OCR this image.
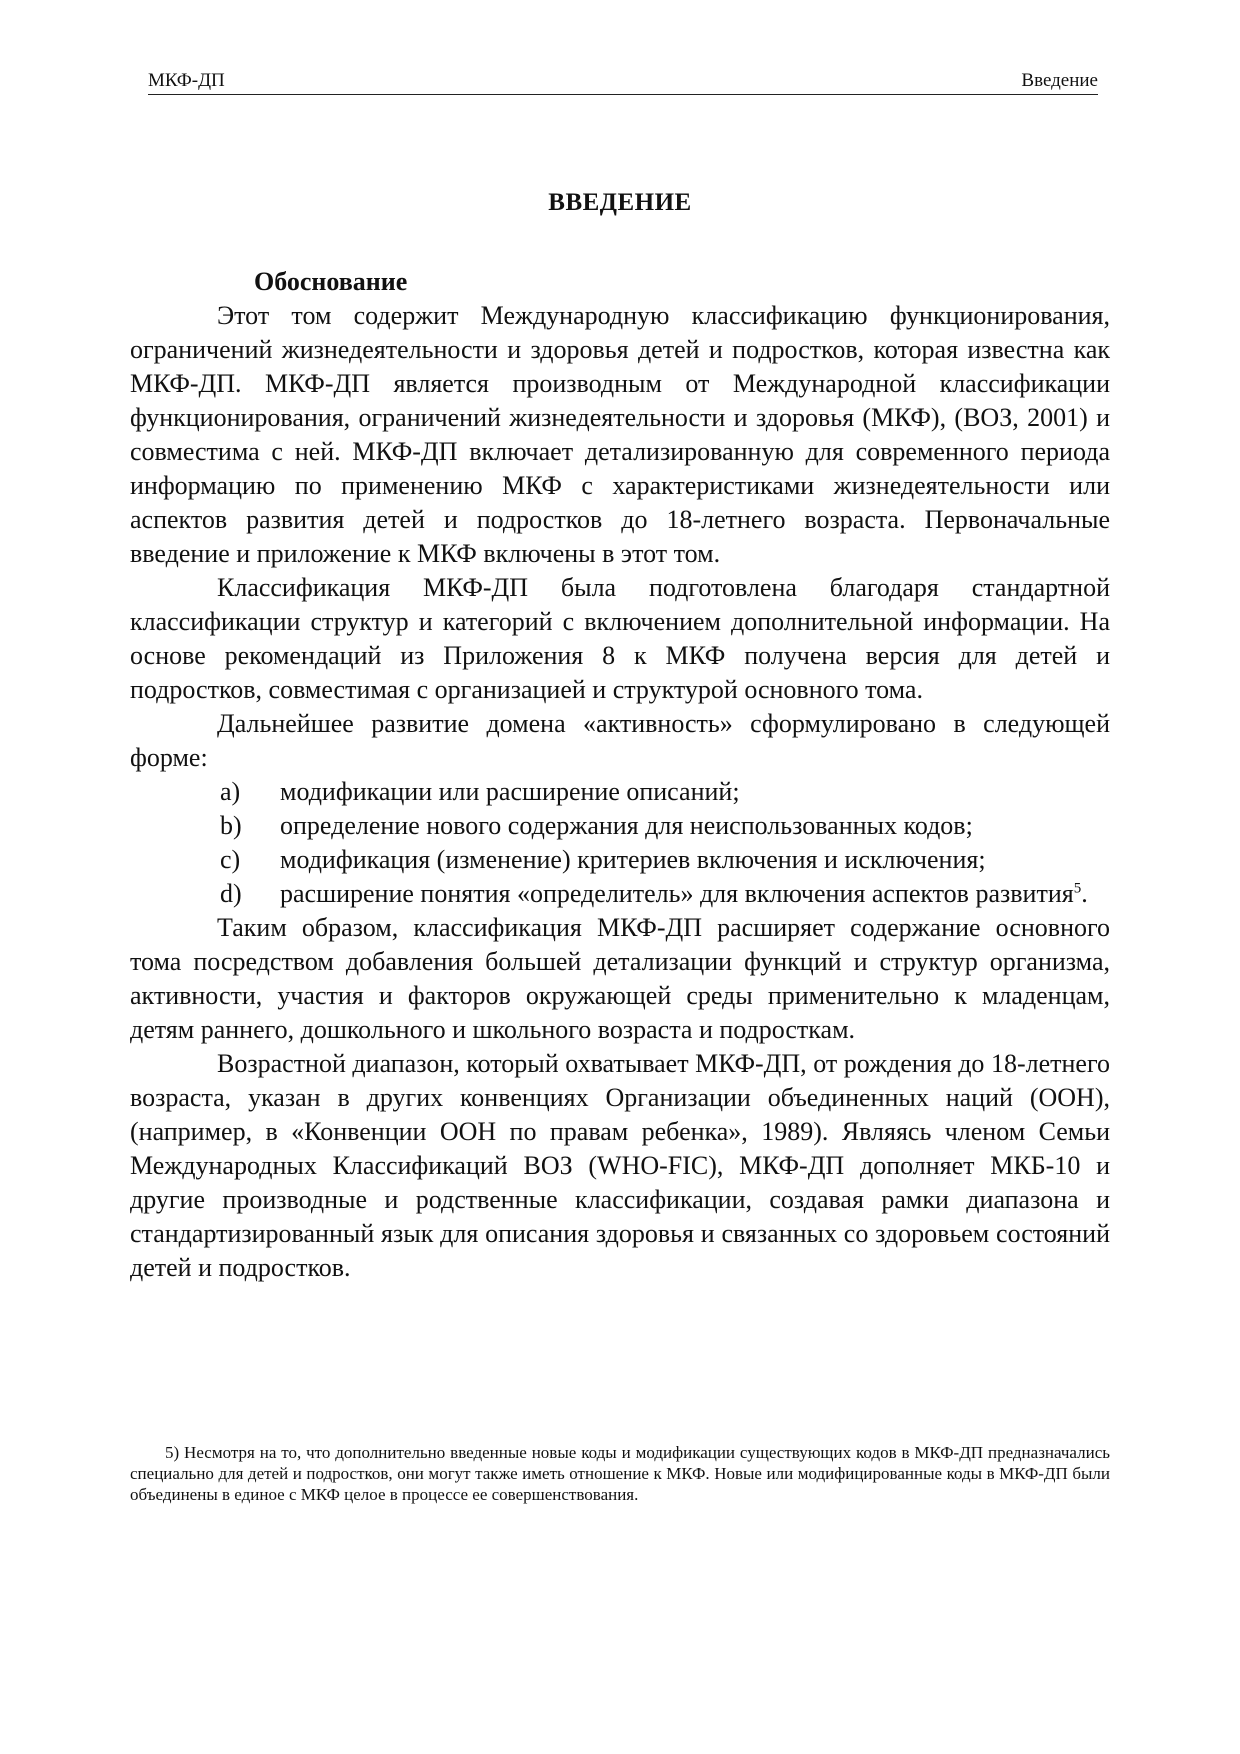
МКФ-ДП	Введение
ВВЕДЕНИЕ
Обоснование

Этот том содержит Международную классификацию функционирования, ограничений жизнедеятельности и здоровья детей и подростков, которая известна как МКФ-ДП. МКФ-ДП является производным от Международной классификации функционирования, ограничений жизнедеятельности и здоровья (МКФ), (ВОЗ, 2001) и совместима с ней. МКФ-ДП включает детализированную для современного периода информацию по применению МКФ с характеристиками жизнедеятельности или аспектов развития детей и подростков до 18-летнего возраста. Первоначальные введение и приложение к МКФ включены в этот том.

Классификация МКФ-ДП была подготовлена благодаря стандартной классификации структур и категорий с включением дополнительной информации. На основе рекомендаций из Приложения 8 к МКФ получена версия для детей и подростков, совместимая с организацией и структурой основного тома.

Дальнейшее развитие домена «активность» сформулировано в следующей форме:

a)	модификации или расширение описаний;
b)	определение нового содержания для неиспользованных кодов;
c)	модификация (изменение) критериев включения и исключения;
d)	расширение понятия «определитель» для включения аспектов развития$^5$.

Таким образом, классификация МКФ-ДП расширяет содержание основного тома посредством добавления большей детализации функций и структур организма, активности, участия и факторов окружающей среды применительно к младенцам, детям раннего, дошкольного и школьного возраста и подросткам.

Возрастной диапазон, который охватывает МКФ-ДП, от рождения до 18-летнего возраста, указан в других конвенциях Организации объединенных наций (ООН), (например, в «Конвенции ООН по правам ребенка», 1989). Являясь членом Семьи Международных Классификаций ВОЗ (WHO-FIC), МКФ-ДП дополняет МКБ-10 и другие производные и родственные классификации, создавая рамки диапазона и стандартизированный язык для описания здоровья и связанных со здоровьем состояний детей и подростков.

5) Несмотря на то, что дополнительно введенные новые коды и модификации существующих кодов в МКФ-ДП предназначались специально для детей и подростков, они могут также иметь отношение к МКФ. Новые или модифицированные коды в МКФ-ДП были объединены в единое с МКФ целое в процессе ее совершенствования.
